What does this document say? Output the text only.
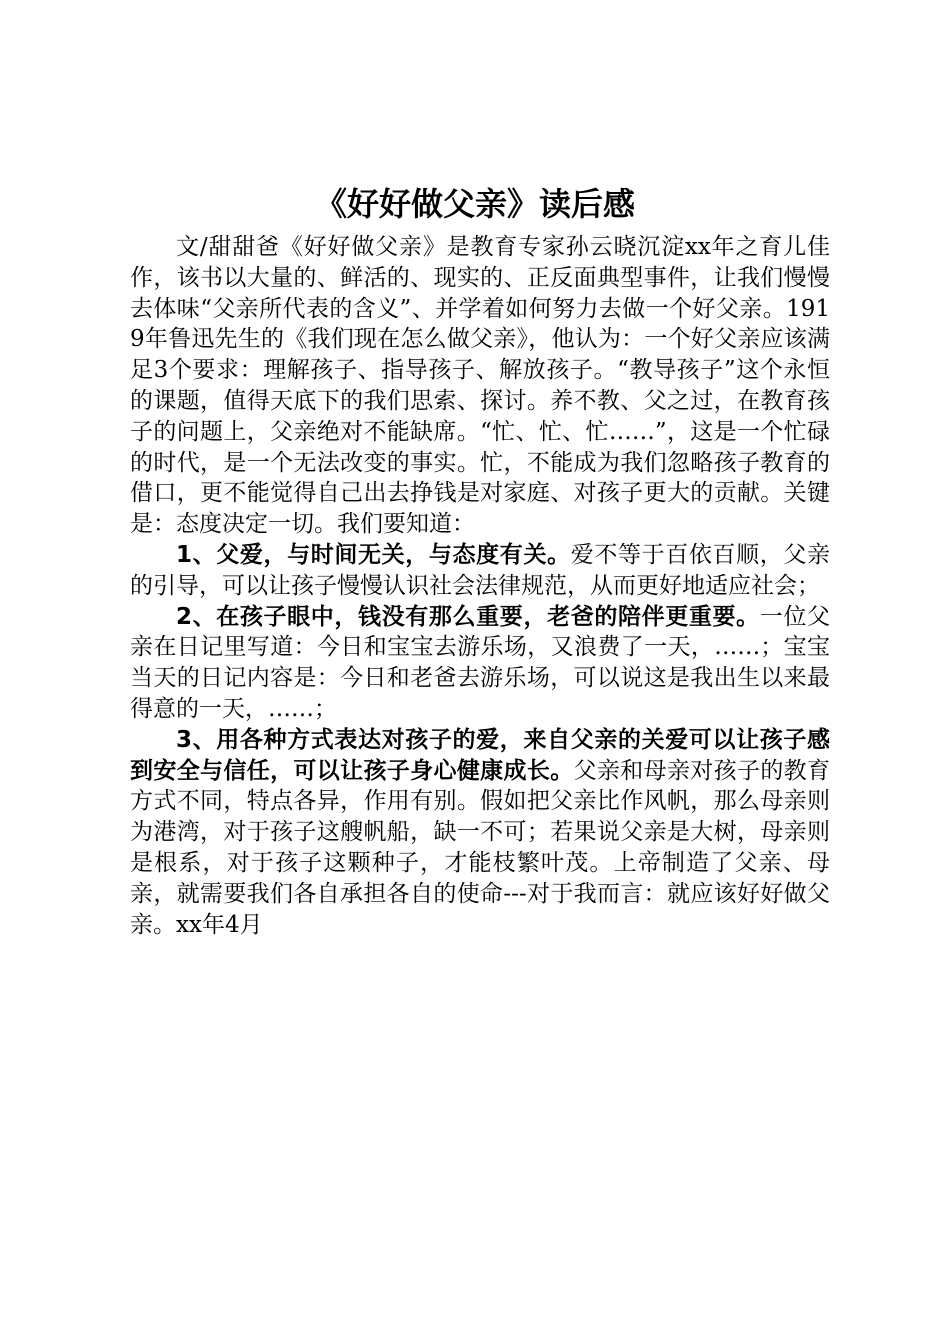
《好好做父亲》读后感

文/甜甜爸《好好做父亲》是教育专家孙云晓沉淀xx年之育儿佳作，该书以大量的、鲜活的、现实的、正反面典型事件，让我们慢慢去体味“父亲所代表的含义”、并学着如何努力去做一个好父亲。1919年鲁迅先生的《我们现在怎么做父亲》，他认为：一个好父亲应该满足3个要求：理解孩子、指导孩子、解放孩子。“教导孩子”这个永恒的课题，值得天底下的我们思索、探讨。养不教、父之过，在教育孩子的问题上，父亲绝对不能缺席。“忙、忙、忙……”，这是一个忙碌的时代，是一个无法改变的事实。忙，不能成为我们忽略孩子教育的借口，更不能觉得自己出去挣钱是对家庭、对孩子更大的贡献。关键是：态度决定一切。我们要知道：

1、父爱，与时间无关，与态度有关。爱不等于百依百顺，父亲的引导，可以让孩子慢慢认识社会法律规范，从而更好地适应社会；

2、在孩子眼中，钱没有那么重要，老爸的陪伴更重要。一位父亲在日记里写道：今日和宝宝去游乐场，又浪费了一天，……；宝宝当天的日记内容是：今日和老爸去游乐场，可以说这是我出生以来最得意的一天，……；

3、用各种方式表达对孩子的爱，来自父亲的关爱可以让孩子感到安全与信任，可以让孩子身心健康成长。父亲和母亲对孩子的教育方式不同，特点各异，作用有别。假如把父亲比作风帆，那么母亲则为港湾，对于孩子这艘帆船，缺一不可；若果说父亲是大树，母亲则是根系，对于孩子这颗种子，才能枝繁叶茂。上帝制造了父亲、母亲，就需要我们各自承担各自的使命---对于我而言：就应该好好做父亲。xx年4月
